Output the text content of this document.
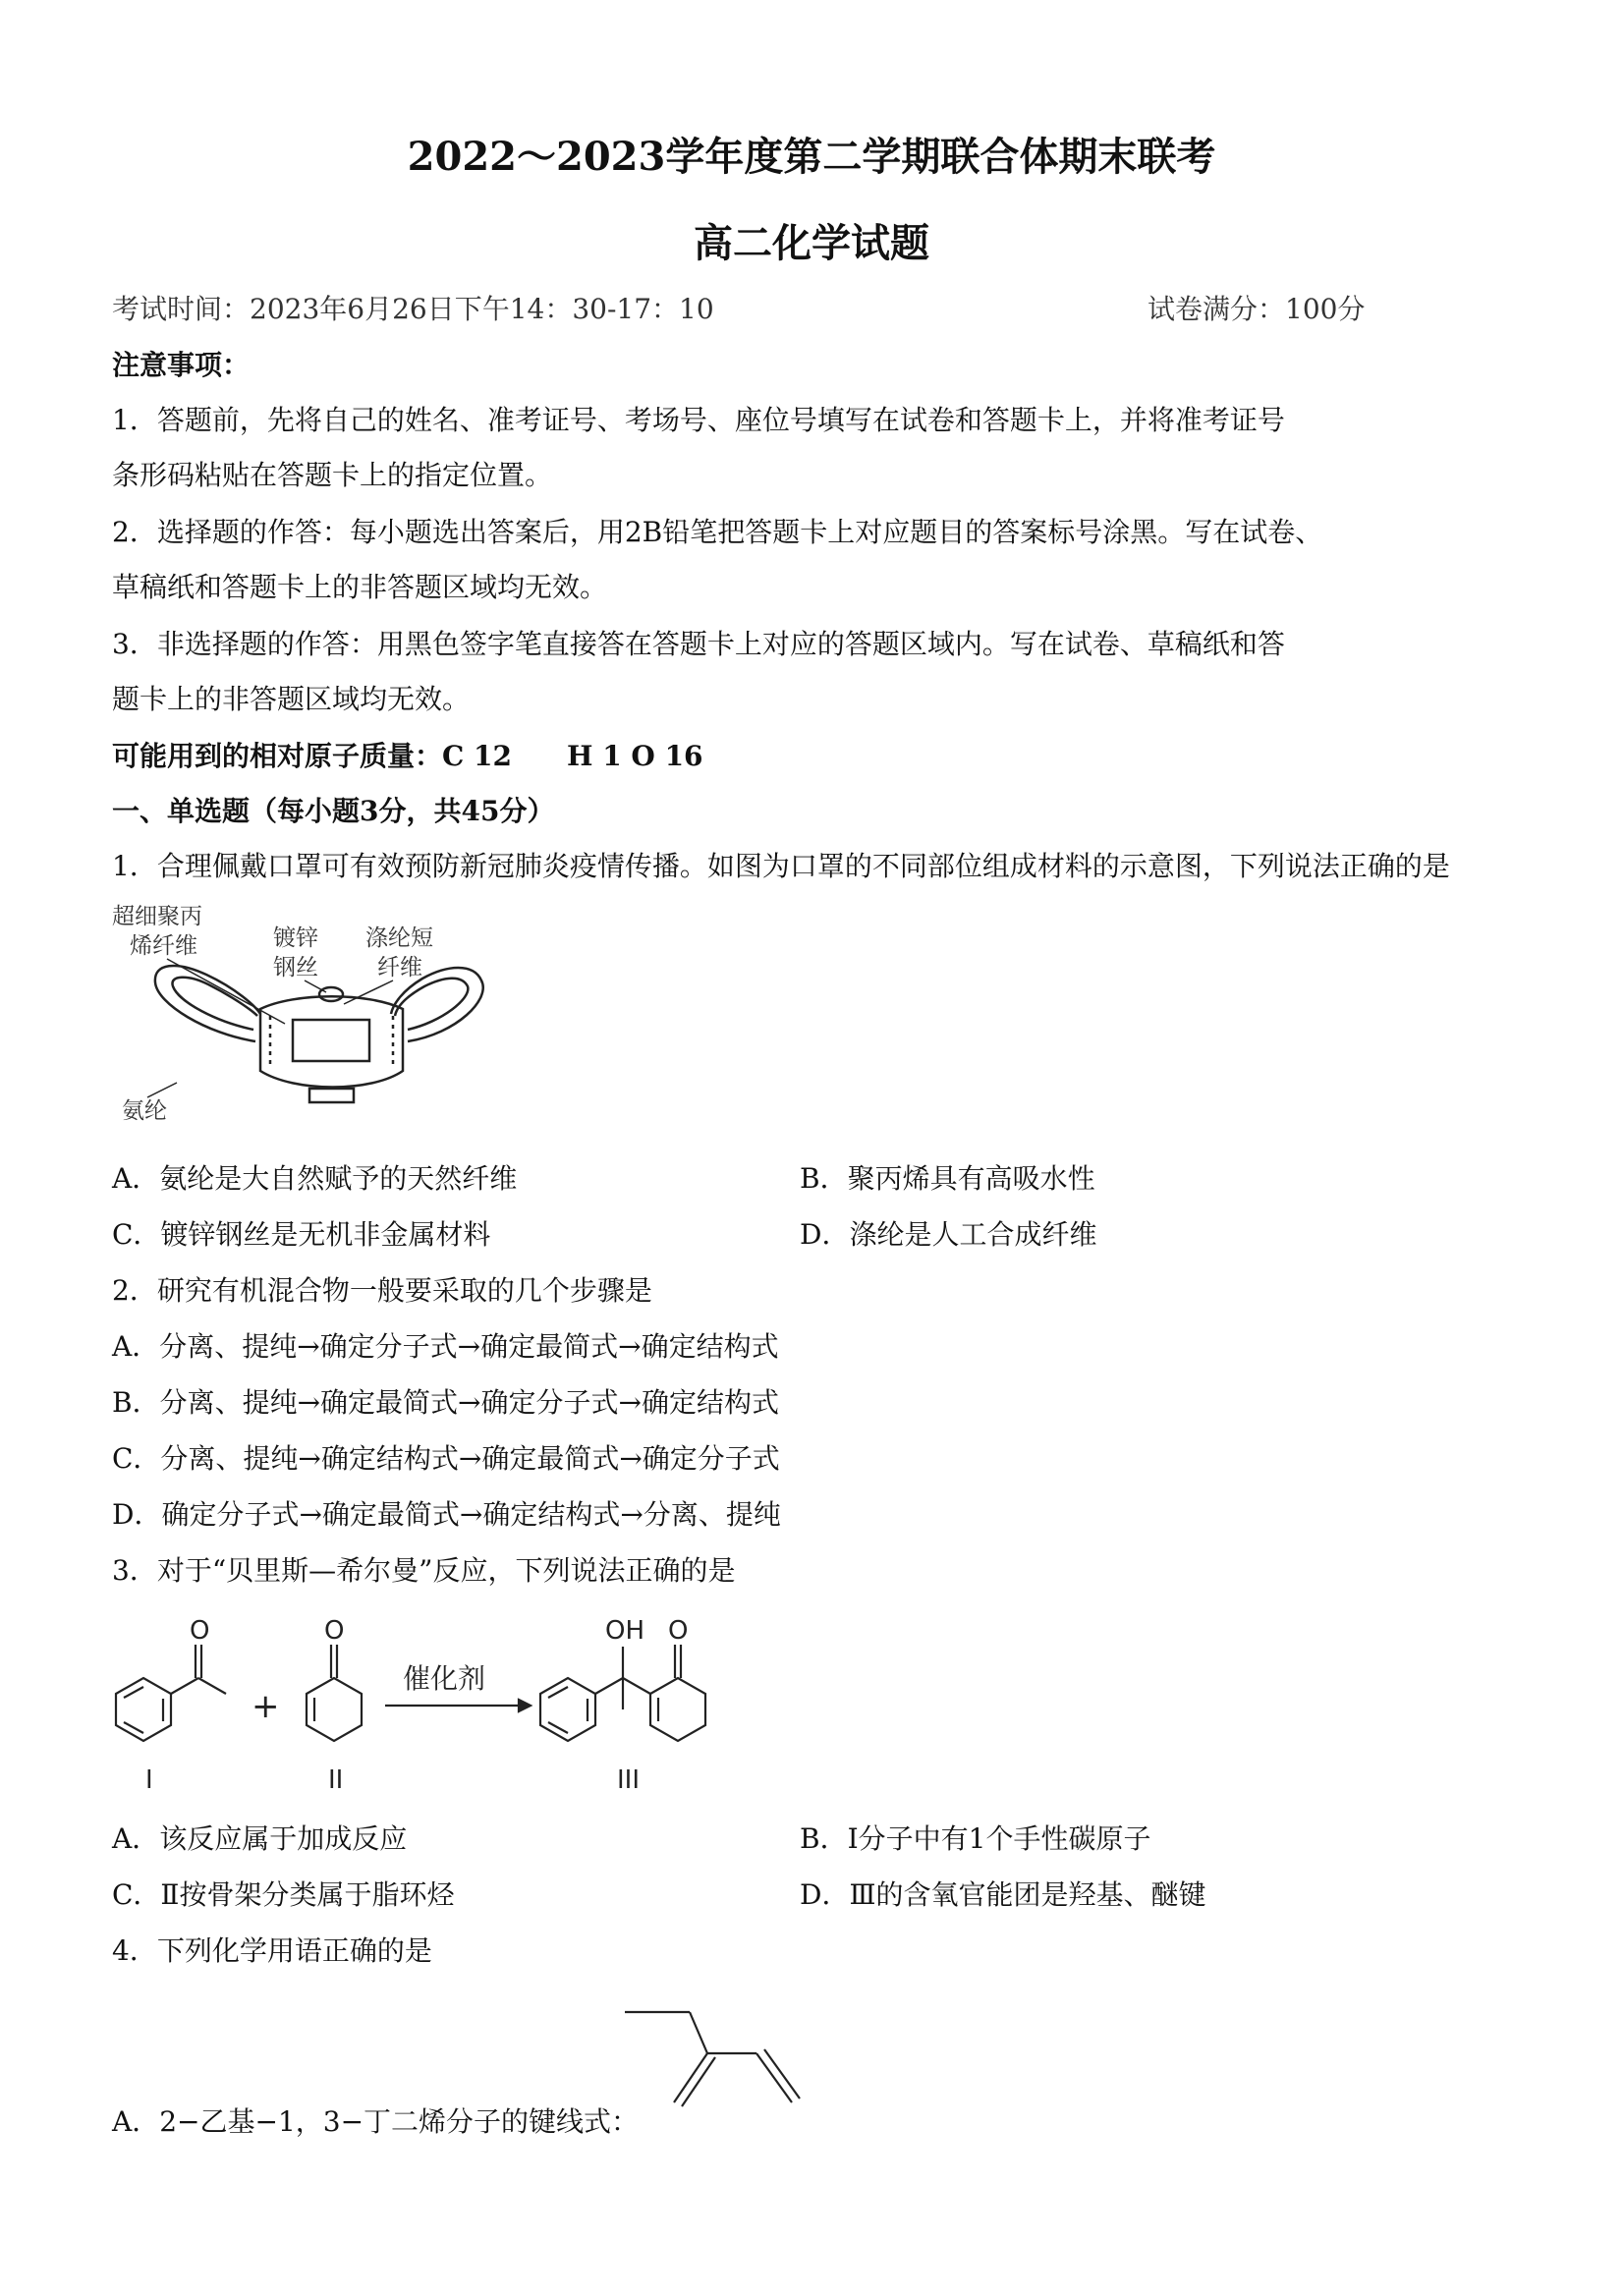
2022～2023学年度第二学期联合体期末联考
高二化学试题
考试时间：2023年6月26日下午14：30-17：10	试卷满分：100分
注意事项：
1．答题前，先将自己的姓名、准考证号、考场号、座位号填写在试卷和答题卡上，并将准考证号
条形码粘贴在答题卡上的指定位置。
2．选择题的作答：每小题选出答案后，用2B铅笔把答题卡上对应题目的答案标号涂黑。写在试卷、
草稿纸和答题卡上的非答题区域均无效。
3．非选择题的作答：用黑色签字笔直接答在答题卡上对应的答题区域内。写在试卷、草稿纸和答
题卡上的非答题区域均无效。
可能用到的相对原子质量：C 12　　H 1 O 16
一、单选题（每小题3分，共45分）
1．合理佩戴口罩可有效预防新冠肺炎疫情传播。如图为口罩的不同部位组成材料的示意图，下列说法正确的是
超细聚丙
烯纤维	镀锌
钢丝
涤纶短
纤维
氨纶
A．氨纶是大自然赋予的天然纤维	B．聚丙烯具有高吸水性
C．镀锌钢丝是无机非金属材料	D．涤纶是人工合成纤维
2．研究有机混合物一般要采取的几个步骤是
A．分离、提纯→确定分子式→确定最简式→确定结构式
B．分离、提纯→确定最简式→确定分子式→确定结构式
C．分离、提纯→确定结构式→确定最简式→确定分子式
D．确定分子式→确定最简式→确定结构式→分离、提纯
3．对于“贝里斯—希尔曼”反应，下列说法正确的是
O	O
+
催化剂
OH O
I	II	III
A．该反应属于加成反应	B．Ⅰ分子中有1个手性碳原子
C．Ⅱ按骨架分类属于脂环烃	D．Ⅲ的含氧官能团是羟基、醚键
4．下列化学用语正确的是
A．2−乙基−1，3−丁二烯分子的键线式：
